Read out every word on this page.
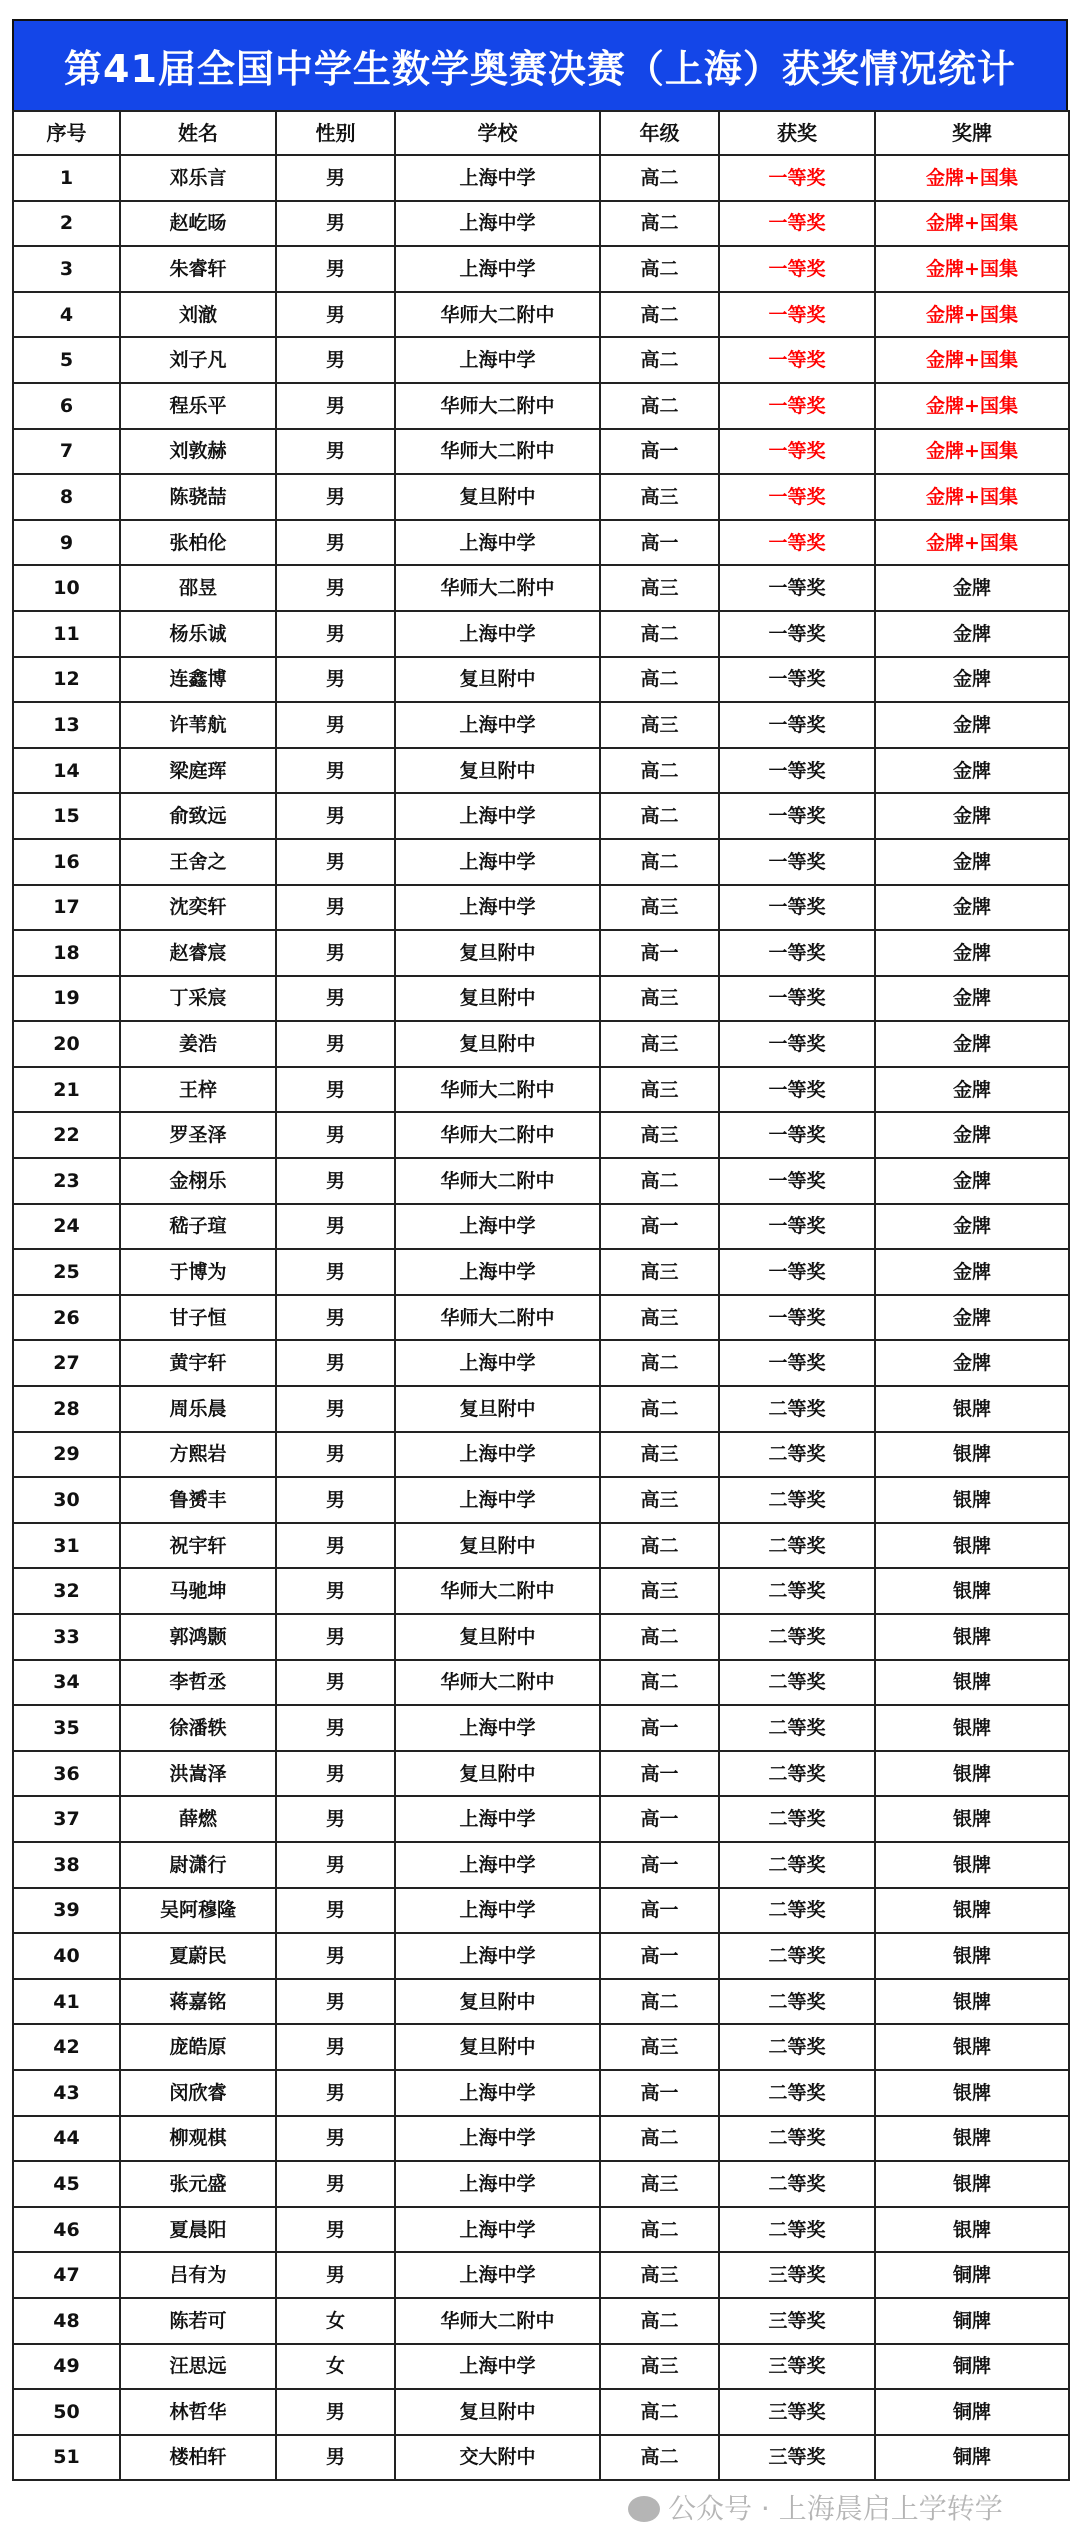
第41届全国中学生数学奥赛决赛（上海）获奖情况统计
序号	姓名	性别	学校	年级	获奖	奖牌
1	邓乐言	男	上海中学	高二	一等奖	金牌+国集
2	赵屹旸	男	上海中学	高二	一等奖	金牌+国集
3	朱睿轩	男	上海中学	高二	一等奖	金牌+国集
4	刘澈	男	华师大二附中	高二	一等奖	金牌+国集
5	刘子凡	男	上海中学	高二	一等奖	金牌+国集
6	程乐平	男	华师大二附中	高二	一等奖	金牌+国集
7	刘敦赫	男	华师大二附中	高一	一等奖	金牌+国集
8	陈骁喆	男	复旦附中	高三	一等奖	金牌+国集
9	张柏伦	男	上海中学	高一	一等奖	金牌+国集
10	邵昱	男	华师大二附中	高三	一等奖	金牌
11	杨乐诚	男	上海中学	高二	一等奖	金牌
12	连鑫博	男	复旦附中	高二	一等奖	金牌
13	许苇航	男	上海中学	高三	一等奖	金牌
14	梁庭珲	男	复旦附中	高二	一等奖	金牌
15	俞致远	男	上海中学	高二	一等奖	金牌
16	王舍之	男	上海中学	高二	一等奖	金牌
17	沈奕轩	男	上海中学	高三	一等奖	金牌
18	赵睿宸	男	复旦附中	高一	一等奖	金牌
19	丁采宸	男	复旦附中	高三	一等奖	金牌
20	姜浩	男	复旦附中	高三	一等奖	金牌
21	王梓	男	华师大二附中	高三	一等奖	金牌
22	罗圣泽	男	华师大二附中	高三	一等奖	金牌
23	金栩乐	男	华师大二附中	高二	一等奖	金牌
24	嵇子瑄	男	上海中学	高一	一等奖	金牌
25	于博为	男	上海中学	高三	一等奖	金牌
26	甘子恒	男	华师大二附中	高三	一等奖	金牌
27	黄宇轩	男	上海中学	高二	一等奖	金牌
28	周乐晨	男	复旦附中	高二	二等奖	银牌
29	方熙岩	男	上海中学	高三	二等奖	银牌
30	鲁赟丰	男	上海中学	高三	二等奖	银牌
31	祝宇轩	男	复旦附中	高二	二等奖	银牌
32	马驰坤	男	华师大二附中	高三	二等奖	银牌
33	郭鸿颢	男	复旦附中	高二	二等奖	银牌
34	李哲丞	男	华师大二附中	高二	二等奖	银牌
35	徐潘轶	男	上海中学	高一	二等奖	银牌
36	洪嵩泽	男	复旦附中	高一	二等奖	银牌
37	薛燃	男	上海中学	高一	二等奖	银牌
38	尉潇行	男	上海中学	高一	二等奖	银牌
39	吴阿穆隆	男	上海中学	高一	二等奖	银牌
40	夏蔚民	男	上海中学	高一	二等奖	银牌
41	蒋嘉铭	男	复旦附中	高二	二等奖	银牌
42	庞皓原	男	复旦附中	高三	二等奖	银牌
43	闵欣睿	男	上海中学	高一	二等奖	银牌
44	柳观棋	男	上海中学	高二	二等奖	银牌
45	张元盛	男	上海中学	高三	二等奖	银牌
46	夏晨阳	男	上海中学	高二	二等奖	银牌
47	吕有为	男	上海中学	高三	三等奖	铜牌
48	陈若可	女	华师大二附中	高二	三等奖	铜牌
49	汪思远	女	上海中学	高三	三等奖	铜牌
50	林哲华	男	复旦附中	高二	三等奖	铜牌
51	楼柏轩	男	交大附中	高二	三等奖	铜牌
公众号 · 上海晨启上学转学
